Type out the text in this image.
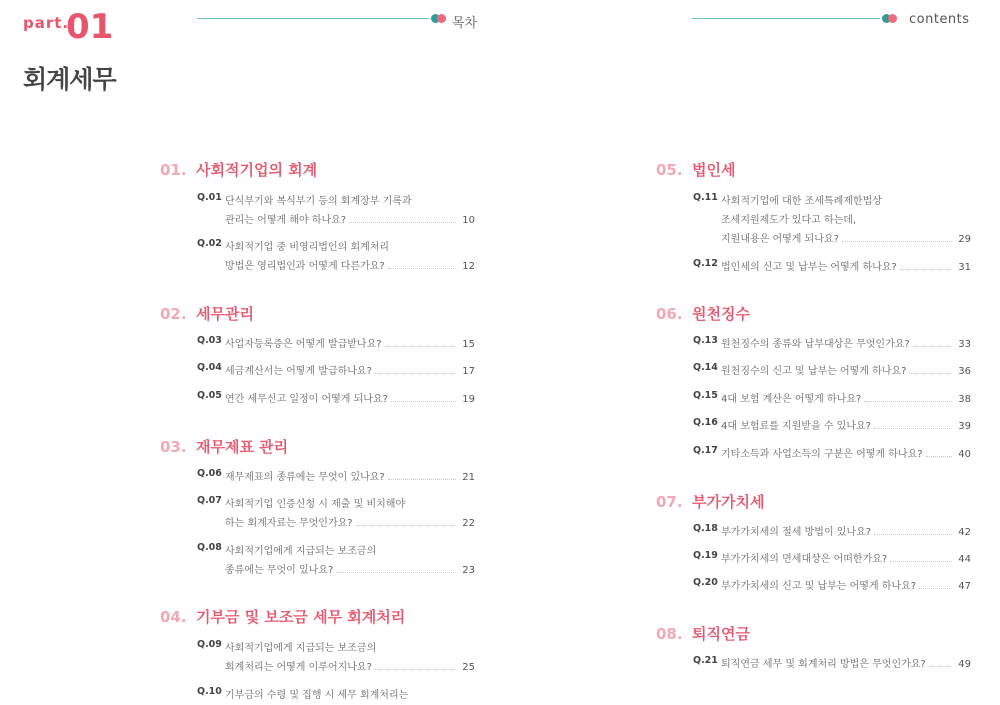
part.
01
회계세무
목차	contents
01. 사회적기업의 회계
Q.01 단식부기와 복식부기 등의 회계장부 기록과
관리는 어떻게 해야 하나요?	10
Q.02 사회적기업 중 비영리법인의 회계처리
방법은 영리법인과 어떻게 다른가요?	12
02. 세무관리
Q.03 사업자등록증은 어떻게 발급받나요?	15
Q.04 세금계산서는 어떻게 발급하나요?	17
Q.05 연간 세무신고 일정이 어떻게 되나요?	19
03. 재무제표 관리
Q.06 재무제표의 종류에는 무엇이 있나요?	21
Q.07 사회적기업 인증신청 시 제출 및 비치해야
하는 회계자료는 무엇인가요?	22
Q.08 사회적기업에게 지급되는 보조금의
종류에는 무엇이 있나요?	23
04. 기부금 및 보조금 세무 회계처리
Q.09 사회적기업에게 지급되는 보조금의
회계처리는 어떻게 이루어지나요?	25
Q.10 기부금의 수령 및 집행 시 세무 회계처리는
05. 법인세
Q.11 사회적기업에 대한 조세특례제한법상
조세지원제도가 있다고 하는데,
지원내용은 어떻게 되나요?	29
Q.12 법인세의 신고 및 납부는 어떻게 하나요?	31
06. 원천징수
Q.13 원천징수의 종류와 납부대상은 무엇인가요?	33
Q.14 원천징수의 신고 및 납부는 어떻게 하나요?	36
Q.15 4대 보험 계산은 어떻게 하나요?	38
Q.16 4대 보험료를 지원받을 수 있나요?	39
Q.17 기타소득과 사업소득의 구분은 어떻게 하나요?	40
07. 부가가치세
Q.18 부가가치세의 절세 방법이 있나요?	42
Q.19 부가가치세의 면세대상은 어떠한가요?	44
Q.20 부가가치세의 신고 및 납부는 어떻게 하나요?	47
08. 퇴직연금
Q.21 퇴직연금 세무 및 회계처리 방법은 무엇인가요?	49
